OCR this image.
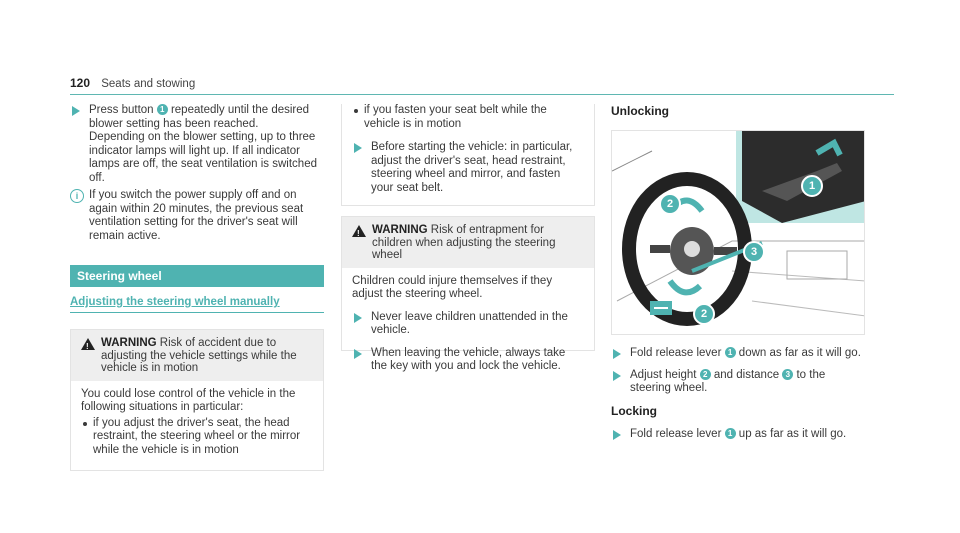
120 Seats and stowing
Press button 1 repeatedly until the desired blower setting has been reached.
Depending on the blower setting, up to three indicator lamps will light up. If all indicator lamps are off, the seat ventilation is switched off.
i If you switch the power supply off and on again within 20 minutes, the previous seat ventilation setting for the driver's seat will remain active.
Steering wheel
Adjusting the steering wheel manually
! WARNING Risk of accident due to adjusting the vehicle settings while the vehicle is in motion
You could lose control of the vehicle in the following situations in particular:
if you adjust the driver's seat, the head restraint, the steering wheel or the mirror while the vehicle is in motion
if you fasten your seat belt while the vehicle is in motion
Before starting the vehicle: in particular, adjust the driver's seat, head restraint, steering wheel and mirror, and fasten your seat belt.
! WARNING Risk of entrapment for children when adjusting the steering wheel
Children could injure themselves if they adjust the steering wheel.
Never leave children unattended in the vehicle.
When leaving the vehicle, always take the key with you and lock the vehicle.
Unlocking
1
2
3
2
Fold release lever 1 down as far as it will go.
Adjust height 2 and distance 3 to the steering wheel.
Locking
Fold release lever 1 up as far as it will go.
